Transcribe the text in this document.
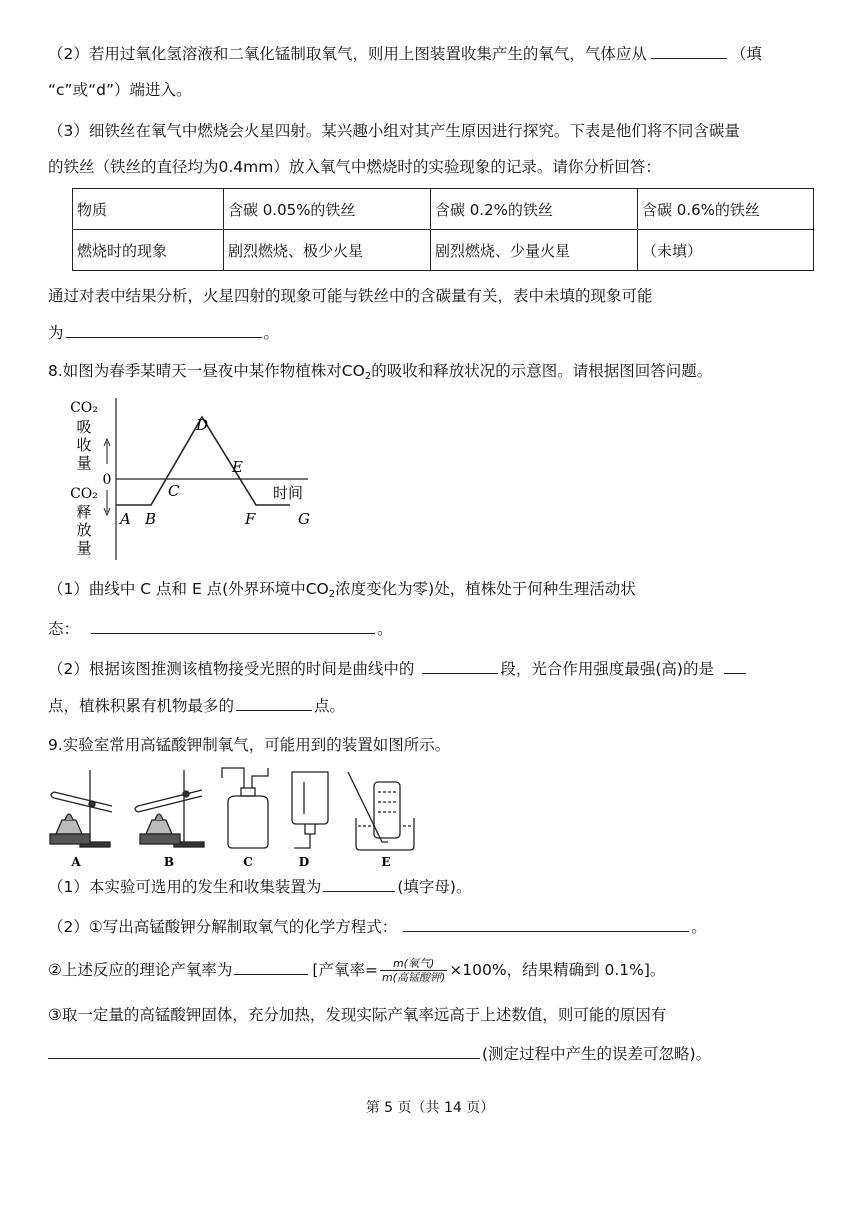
（2）若用过氧化氢溶液和二氧化锰制取氧气，则用上图装置收集产生的氧气，气体应从	（填
“c”或“d”）端进入。
（3）细铁丝在氧气中燃烧会火星四射。某兴趣小组对其产生原因进行探究。下表是他们将不同含碳量
的铁丝（铁丝的直径均为0.4mm）放入氧气中燃烧时的实验现象的记录。请你分析回答：
物质	含碳 0.05%的铁丝	含碳 0.2%的铁丝	含碳 0.6%的铁丝
燃烧时的现象	剧烈燃烧、极少火星	剧烈燃烧、少量火星	（未填）
通过对表中结果分析，火星四射的现象可能与铁丝中的含碳量有关，表中未填的现象可能
为	。
8.如图为春季某晴天一昼夜中某作物植株对$CO_2$的吸收和释放状况的示意图。请根据图回答问题。
CO₂
吸
收
量
CO₂
释
放
量
0
时间
A B
C
D
E
F	G
（1）曲线中 C 点和 E 点(外界环境中$CO_2$浓度变化为零)处，植株处于何种生理活动状
态：	。
（2）根据该图推测该植物接受光照的时间是曲线中的	段，光合作用强度最强(高)的是
点，植株积累有机物最多的	点。
9.实验室常用高锰酸钾制氧气，可能用到的装置如图所示。
A	B	C	D	E
（1）本实验可选用的发生和收集装置为	(填字母)。
（2）①写出高锰酸钾分解制取氧气的化学方程式：	。
②上述反应的理论产氧率为	[产氧率= $\frac{\text{m(氧气)}}{\text{m(高锰酸钾)}} \times 100\%$，结果精确到 0.1%]。
③取一定量的高锰酸钾固体，充分加热，发现实际产氧率远高于上述数值，则可能的原因有
(测定过程中产生的误差可忽略)。
第 5 页（共 14 页）
